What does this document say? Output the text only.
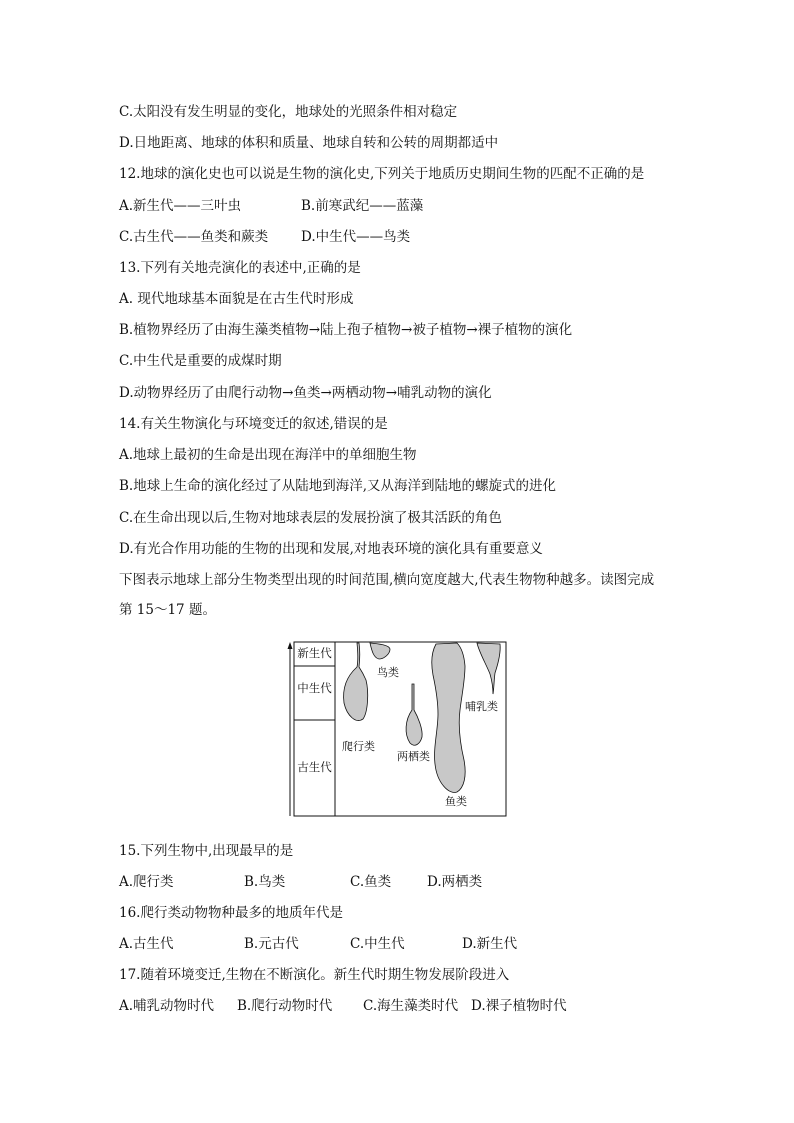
C.太阳没有发生明显的变化，地球处的光照条件相对稳定
D.日地距离、地球的体积和质量、地球自转和公转的周期都适中
12.地球的演化史也可以说是生物的演化史,下列关于地质历史期间生物的匹配不正确的是
A.新生代——三叶虫	B.前寒武纪——蓝藻
C.古生代——鱼类和蕨类 D.中生代——鸟类
13.下列有关地壳演化的表述中,正确的是
A. 现代地球基本面貌是在古生代时形成
B.植物界经历了由海生藻类植物→陆上孢子植物→被子植物→裸子植物的演化
C.中生代是重要的成煤时期
D.动物界经历了由爬行动物→鱼类→两栖动物→哺乳动物的演化
14.有关生物演化与环境变迁的叙述,错误的是
A.地球上最初的生命是出现在海洋中的单细胞生物
B.地球上生命的演化经过了从陆地到海洋,又从海洋到陆地的螺旋式的进化
C.在生命出现以后,生物对地球表层的发展扮演了极其活跃的角色
D.有光合作用功能的生物的出现和发展,对地表环境的演化具有重要意义
下图表示地球上部分生物类型出现的时间范围,横向宽度越大,代表生物物种越多。读图完成
第 15～17 题。
新生代
中生代
古生代
鸟类
爬行类
两栖类
哺乳类
鱼类
15.下列生物中,出现最早的是
A.爬行类	B.鸟类	C.鱼类	D.两栖类
16.爬行类动物物种最多的地质年代是
A.古生代	B.元古代	C.中生代	D.新生代
17.随着环境变迁,生物在不断演化。新生代时期生物发展阶段进入
A.哺乳动物时代 B.爬行动物时代 C.海生藻类时代 D.裸子植物时代
